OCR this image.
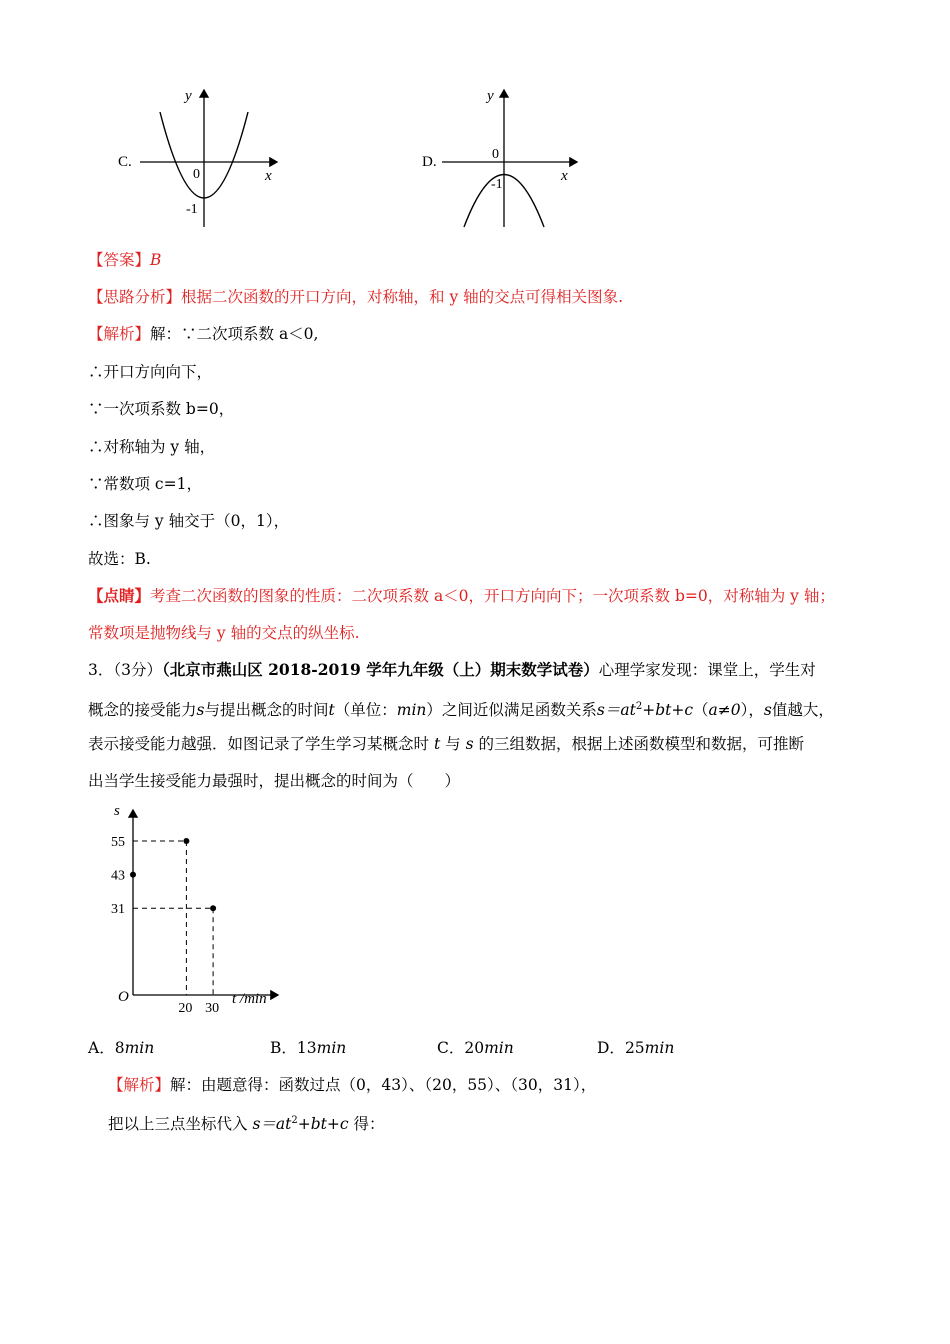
C.
y
x
0
-1
D.
y
x
0
-1
【答案】B
【思路分析】根据二次函数的开口方向，对称轴，和 y 轴的交点可得相关图象.
【解析】解：∵二次项系数 a＜0,
∴开口方向向下，
∵一次项系数 b=0，
∴对称轴为 y 轴，
∵常数项 c=1，
∴图象与 y 轴交于（0，1），
故选：B.
【点睛】考查二次函数的图象的性质：二次项系数 a＜0，开口方向向下；一次项系数 b=0，对称轴为 y 轴；
常数项是抛物线与 y 轴的交点的纵坐标.
3．（3分）（北京市燕山区 2018-2019 学年九年级（上）期末数学试卷）心理学家发现：课堂上，学生对
概念的接受能力s与提出概念的时间t（单位：min）之间近似满足函数关系$s=at^2+bt+c(a\ne 0)$，s值越大，
表示接受能力越强．如图记录了学生学习某概念时 t 与 s 的三组数据，根据上述函数模型和数据，可推断
出当学生接受能力最强时，提出概念的时间为（　　）
55
43
31
20 30
s
O	t /min
A．8min	B．13min	C．20min	D．25min
【解析】解：由题意得：函数过点（0，43）、（20，55）、（30，31），
把以上三点坐标代入 $s=at^2+bt+c$ 得：
